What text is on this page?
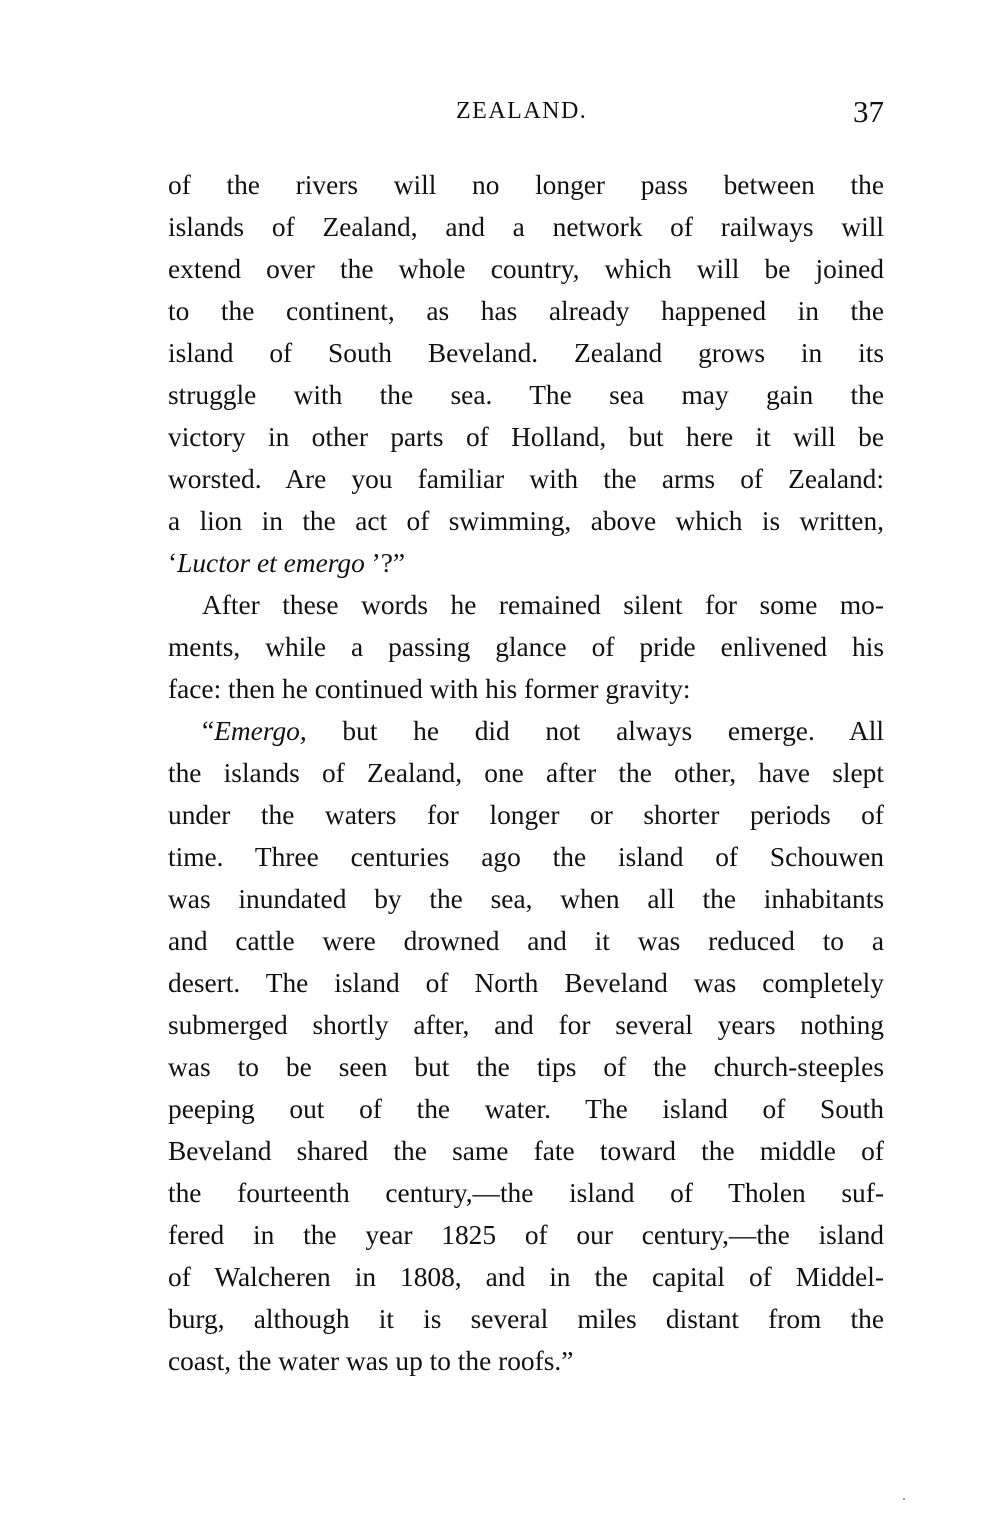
ZEALAND.	37
of the rivers will no longer pass between the
islands of Zealand, and a network of railways will
extend over the whole country, which will be joined
to the continent, as has already happened in the
island of South Beveland. Zealand grows in its
struggle with the sea. The sea may gain the
victory in other parts of Holland, but here it will be
worsted. Are you familiar with the arms of Zealand:
a lion in the act of swimming, above which is written,
‘Luctor et emergo ’?”
After these words he remained silent for some mo-
ments, while a passing glance of pride enlivened his
face: then he continued with his former gravity:
“Emergo, but he did not always emerge. All
the islands of Zealand, one after the other, have slept
under the waters for longer or shorter periods of
time. Three centuries ago the island of Schouwen
was inundated by the sea, when all the inhabitants
and cattle were drowned and it was reduced to a
desert. The island of North Beveland was completely
submerged shortly after, and for several years nothing
was to be seen but the tips of the church-steeples
peeping out of the water. The island of South
Beveland shared the same fate toward the middle of
the fourteenth century,—the island of Tholen suf-
fered in the year 1825 of our century,—the island
of Walcheren in 1808, and in the capital of Middel-
burg, although it is several miles distant from the
coast, the water was up to the roofs.”
